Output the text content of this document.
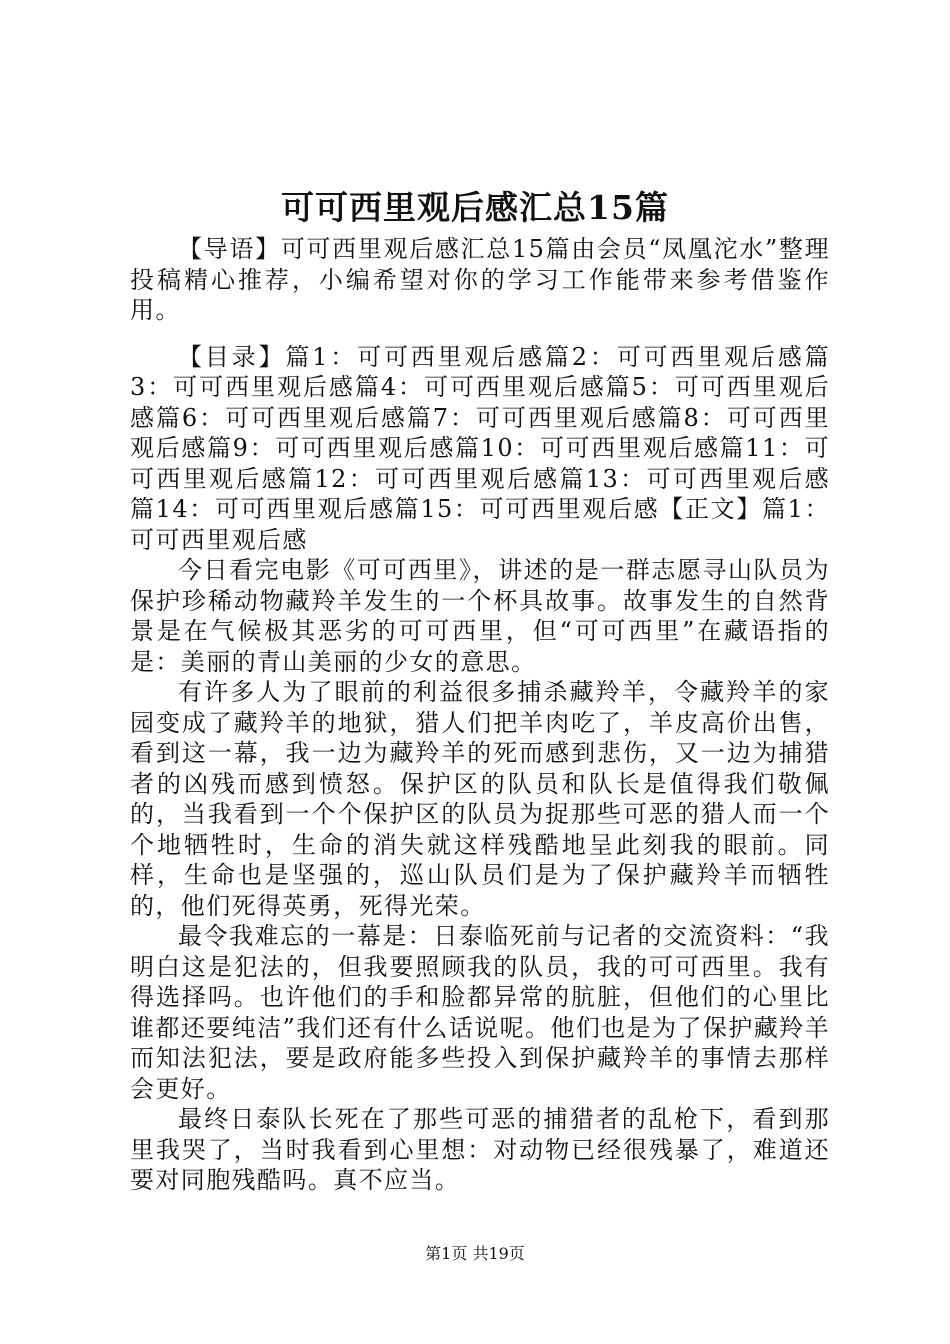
可可西里观后感汇总15篇

【导语】可可西里观后感汇总15篇由会员“凤凰沱水”整理投稿精心推荐，小编希望对你的学习工作能带来参考借鉴作用。

【目录】篇1：可可西里观后感篇2：可可西里观后感篇3：可可西里观后感篇4：可可西里观后感篇5：可可西里观后感篇6：可可西里观后感篇7：可可西里观后感篇8：可可西里观后感篇9：可可西里观后感篇10：可可西里观后感篇11：可可西里观后感篇12：可可西里观后感篇13：可可西里观后感篇14：可可西里观后感篇15：可可西里观后感【正文】篇1：可可西里观后感

今日看完电影《可可西里》，讲述的是一群志愿寻山队员为保护珍稀动物藏羚羊发生的一个杯具故事。故事发生的自然背景是在气候极其恶劣的可可西里，但“可可西里”在藏语指的是：美丽的青山美丽的少女的意思。

有许多人为了眼前的利益很多捕杀藏羚羊，令藏羚羊的家园变成了藏羚羊的地狱，猎人们把羊肉吃了，羊皮高价出售，看到这一幕，我一边为藏羚羊的死而感到悲伤，又一边为捕猎者的凶残而感到愤怒。保护区的队员和队长是值得我们敬佩的，当我看到一个个保护区的队员为捉那些可恶的猎人而一个个地牺牲时，生命的消失就这样残酷地呈此刻我的眼前。同样，生命也是坚强的，巡山队员们是为了保护藏羚羊而牺牲的，他们死得英勇，死得光荣。

最令我难忘的一幕是：日泰临死前与记者的交流资料：“我明白这是犯法的，但我要照顾我的队员，我的可可西里。我有得选择吗。也许他们的手和脸都异常的肮脏，但他们的心里比谁都还要纯洁”我们还有什么话说呢。他们也是为了保护藏羚羊而知法犯法，要是政府能多些投入到保护藏羚羊的事情去那样会更好。

最终日泰队长死在了那些可恶的捕猎者的乱枪下，看到那里我哭了，当时我看到心里想：对动物已经很残暴了，难道还要对同胞残酷吗。真不应当。

第1页 共19页
